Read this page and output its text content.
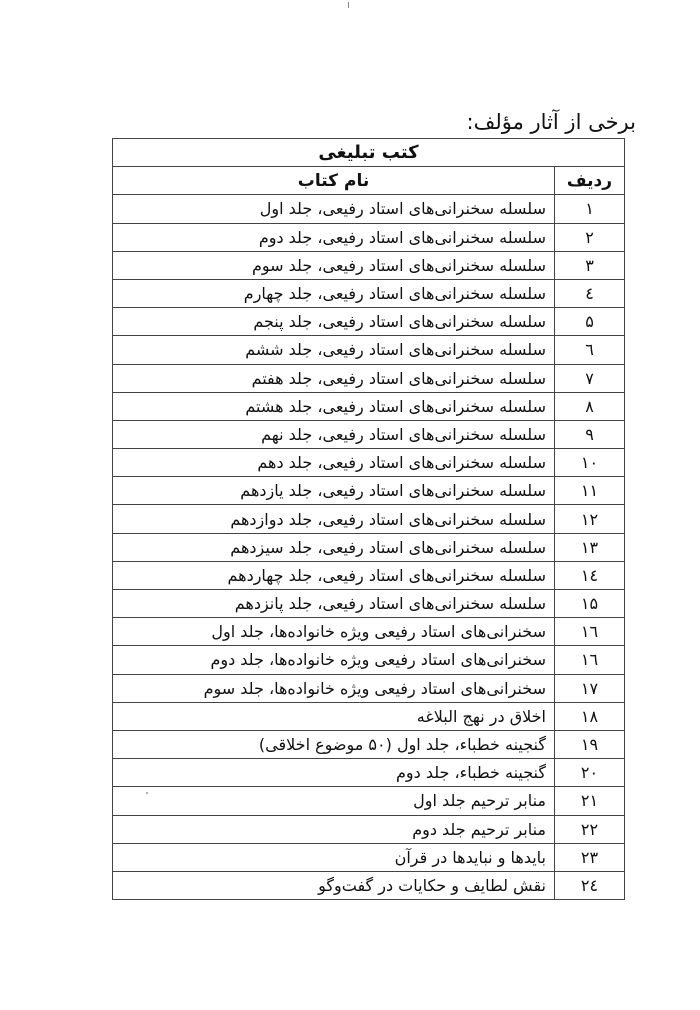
برخی از آثار مؤلف:
کتب تبلیغی	
ردیف	نام کتاب
۱	سلسله سخنرانی‌های استاد رفیعی، جلد اول
۲	سلسله سخنرانی‌های استاد رفیعی، جلد دوم
۳	سلسله سخنرانی‌های استاد رفیعی، جلد سوم
٤	سلسله سخنرانی‌های استاد رفیعی، جلد چهارم
۵	سلسله سخنرانی‌های استاد رفیعی، جلد پنجم
٦	سلسله سخنرانی‌های استاد رفیعی، جلد ششم
۷	سلسله سخنرانی‌های استاد رفیعی، جلد هفتم
۸	سلسله سخنرانی‌های استاد رفیعی، جلد هشتم
۹	سلسله سخنرانی‌های استاد رفیعی، جلد نهم
۱۰	سلسله سخنرانی‌های استاد رفیعی، جلد دهم
۱۱	سلسله سخنرانی‌های استاد رفیعی، جلد یازدهم
۱۲	سلسله سخنرانی‌های استاد رفیعی، جلد دوازدهم
۱۳	سلسله سخنرانی‌های استاد رفیعی، جلد سیزدهم
١٤	سلسله سخنرانی‌های استاد رفیعی، جلد چهاردهم
۱۵	سلسله سخنرانی‌های استاد رفیعی، جلد پانزدهم
١٦	سخنرانی‌های استاد رفیعی ویژه خانواده‌ها، جلد اول
١٦	سخنرانی‌های استاد رفیعی ویژه خانواده‌ها، جلد دوم
۱۷	سخنرانی‌های استاد رفیعی ویژه خانواده‌ها، جلد سوم
۱۸	اخلاق در نهج البلاغه
۱۹	گنجینه خطباء، جلد اول (۵۰ موضوع اخلاقی)
۲۰	گنجینه خطباء، جلد دوم
۲۱	منابر ترحیم جلد اول
۲۲	منابر ترحیم جلد دوم
۲۳	بایدها و نبایدها در قرآن
٢٤	نقش لطایف و حکایات در گفت‌وگو
